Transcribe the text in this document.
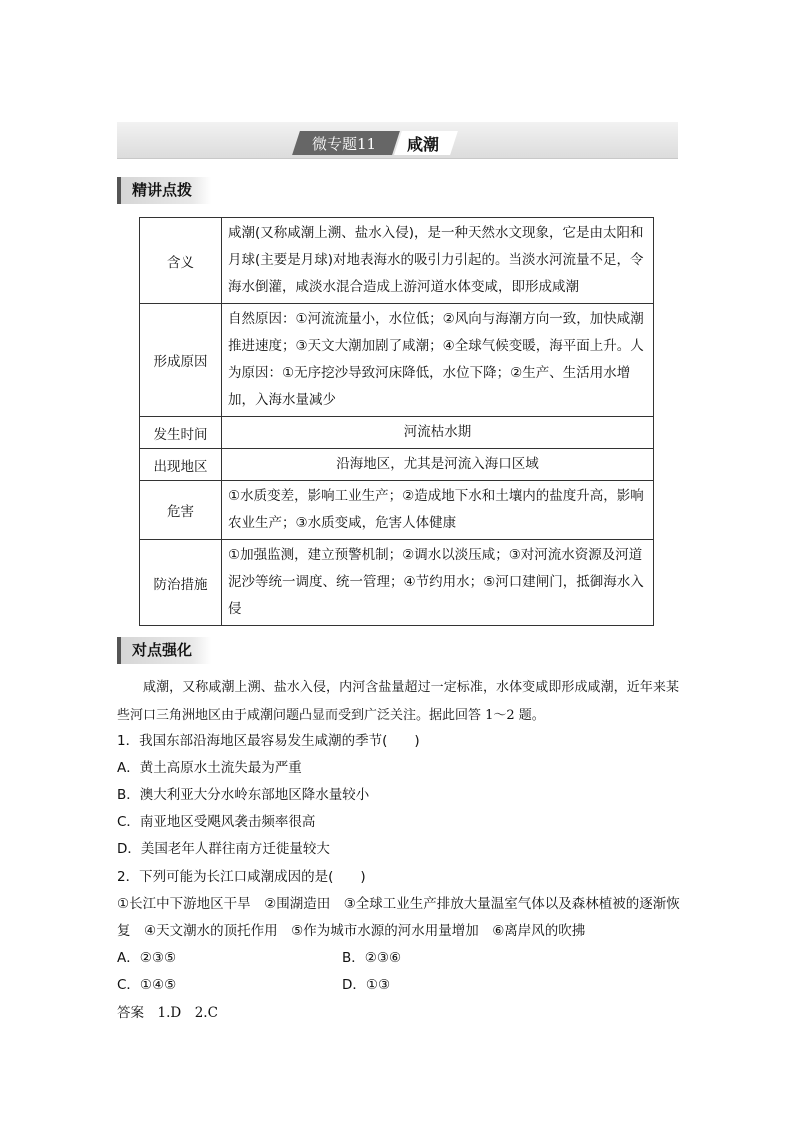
微专题11 咸潮
精讲点拨
含义	咸潮(又称咸潮上溯、盐水入侵)，是一种天然水文现象，它是由太阳和月球(主要是月球)对地表海水的吸引力引起的。当淡水河流量不足，令海水倒灌，咸淡水混合造成上游河道水体变咸，即形成咸潮
形成原因	自然原因：①河流流量小，水位低；②风向与海潮方向一致，加快咸潮推进速度；③天文大潮加剧了咸潮；④全球气候变暖，海平面上升。人为原因：①无序挖沙导致河床降低，水位下降；②生产、生活用水增加，入海水量减少
发生时间	河流枯水期
出现地区	沿海地区，尤其是河流入海口区域
危害	①水质变差，影响工业生产；②造成地下水和土壤内的盐度升高，影响农业生产；③水质变咸，危害人体健康
防治措施	①加强监测，建立预警机制；②调水以淡压咸；③对河流水资源及河道泥沙等统一调度、统一管理；④节约用水；⑤河口建闸门，抵御海水入侵
对点强化
咸潮，又称咸潮上溯、盐水入侵，内河含盐量超过一定标准，水体变咸即形成咸潮，近年来某些河口三角洲地区由于咸潮问题凸显而受到广泛关注。据此回答 1～2 题。
1．我国东部沿海地区最容易发生咸潮的季节(　　)
A．黄土高原水土流失最为严重
B．澳大利亚大分水岭东部地区降水量较小
C．南亚地区受飓风袭击频率很高
D．美国老年人群往南方迁徙量较大
2．下列可能为长江口咸潮成因的是(　　)
①长江中下游地区干旱　②围湖造田　③全球工业生产排放大量温室气体以及森林植被的逐渐恢复　④天文潮水的顶托作用　⑤作为城市水源的河水用量增加　⑥离岸风的吹拂
A．②③⑤	B．②③⑥
C．①④⑤	D．①③
答案　1.D　2.C
